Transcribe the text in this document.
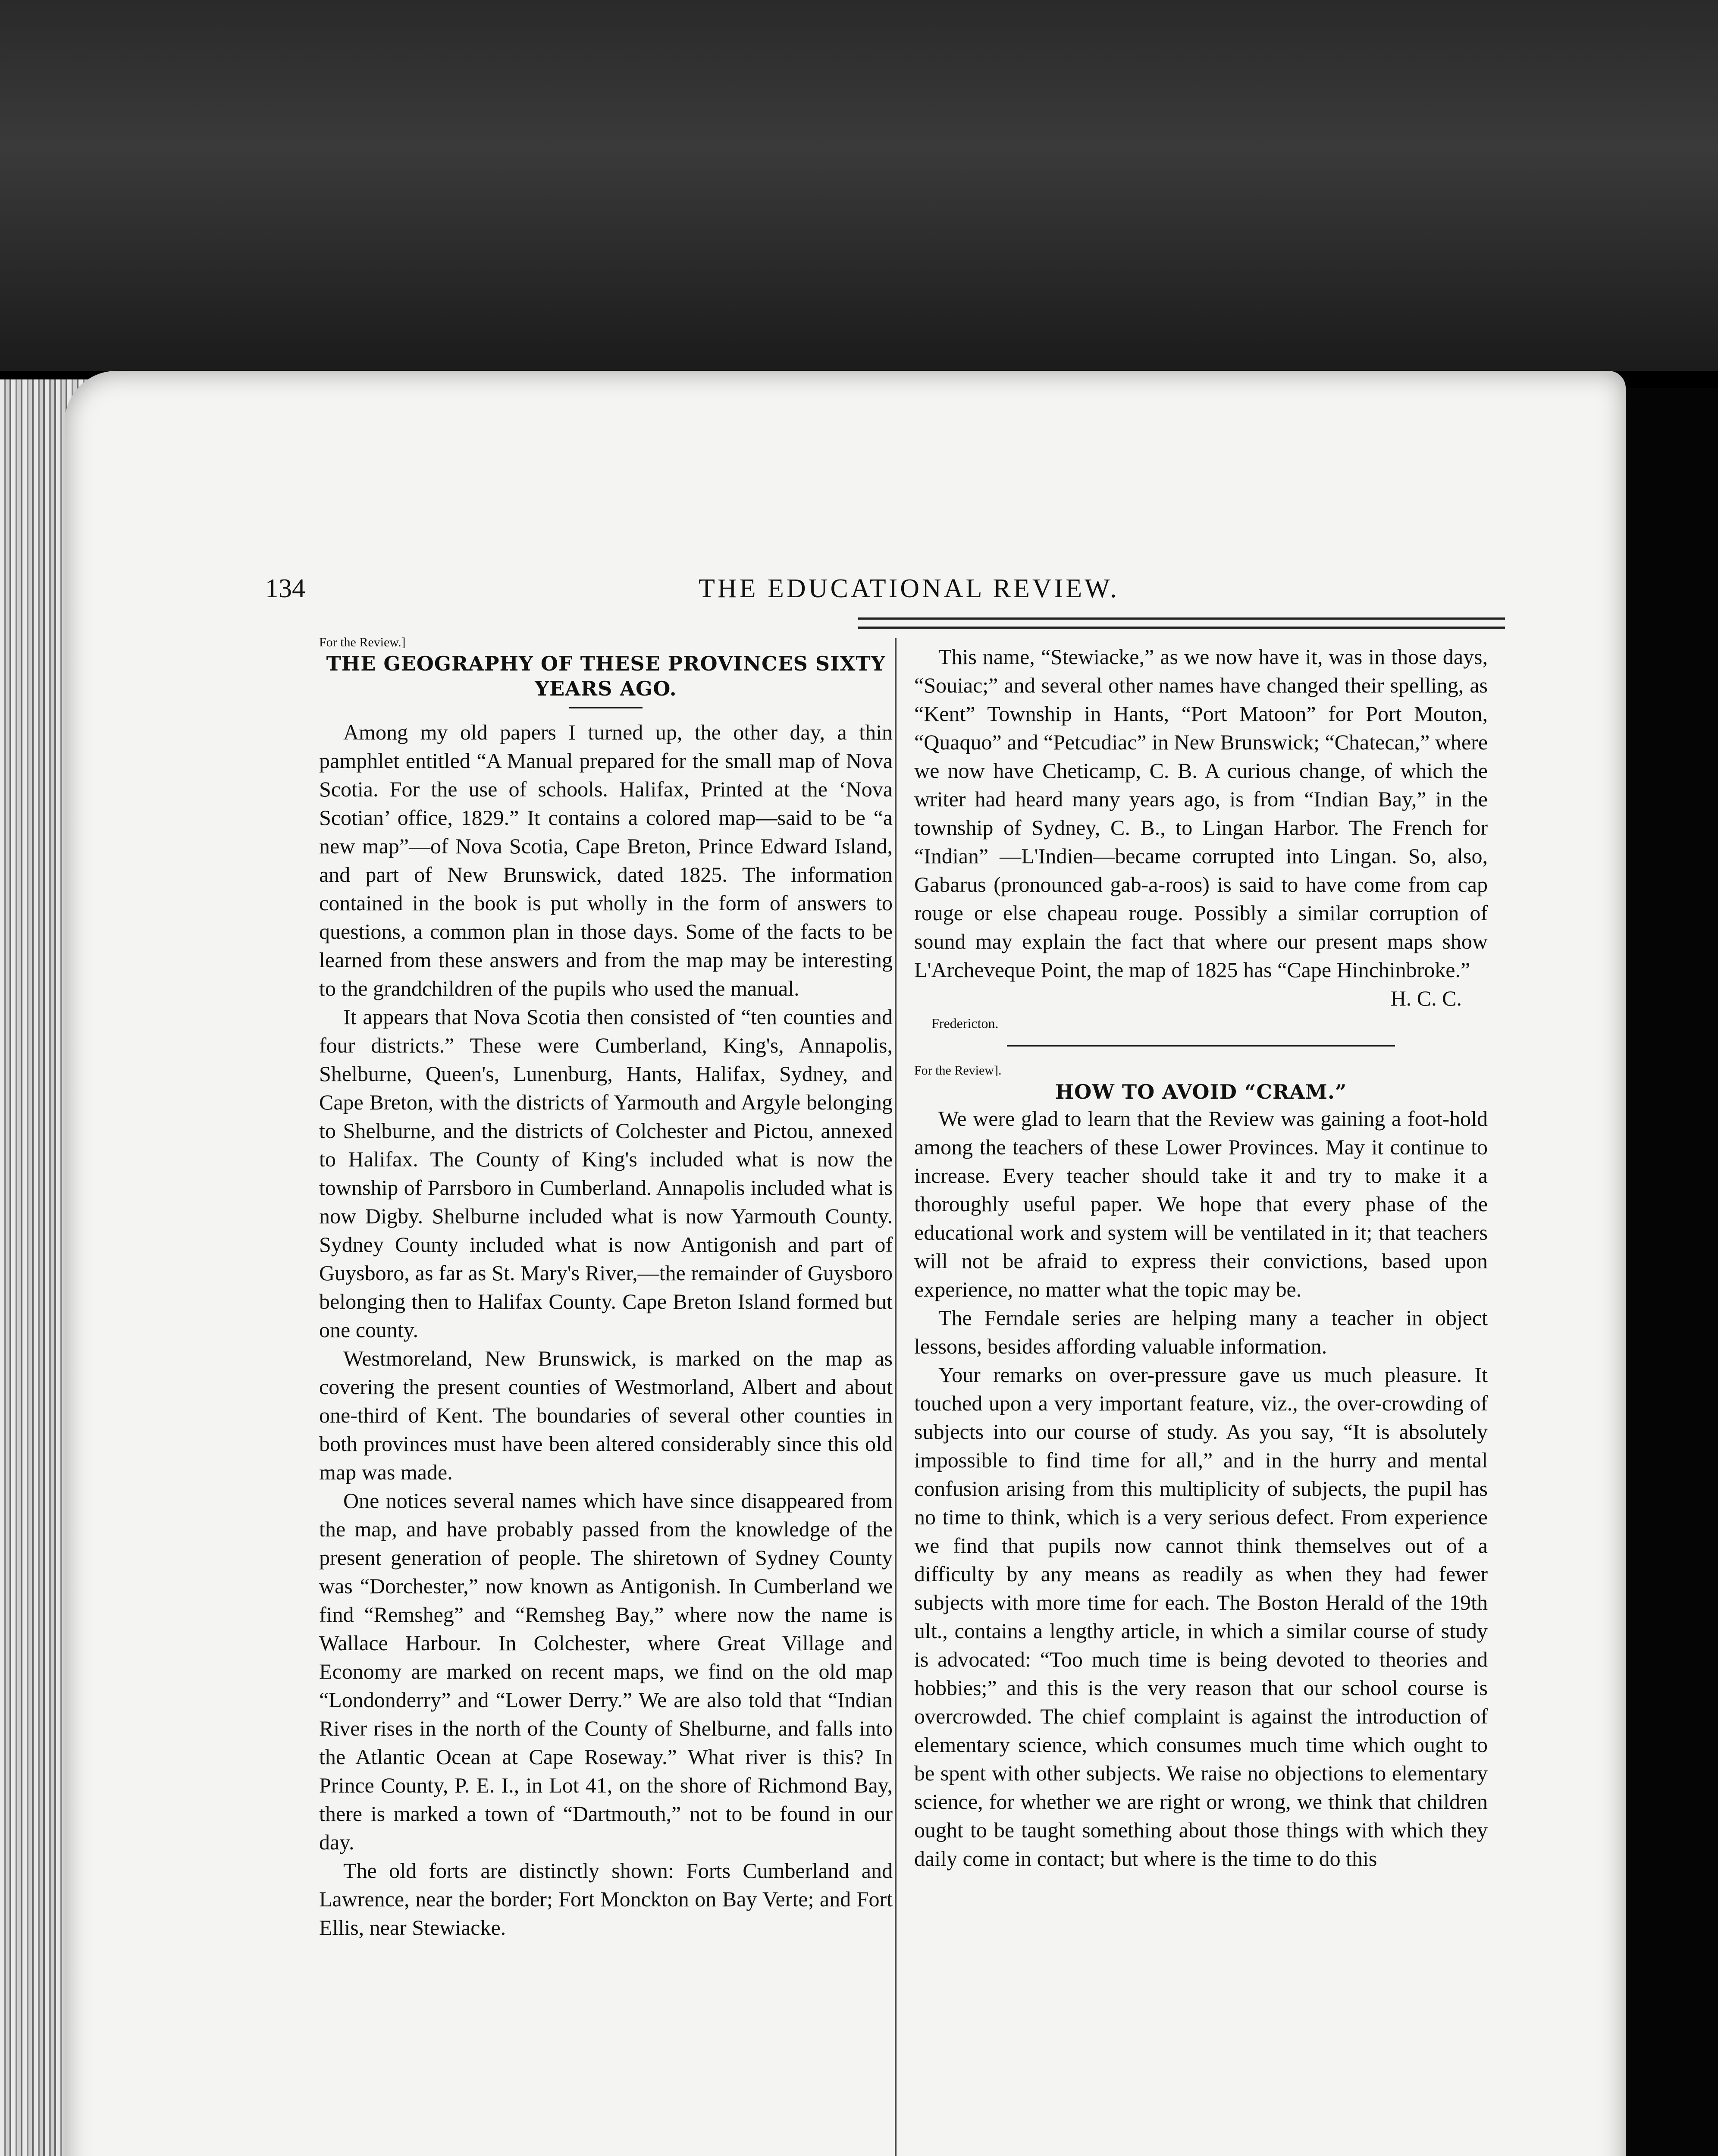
134	THE EDUCATIONAL REVIEW.

For the Review.]

THE GEOGRAPHY OF THESE PROVINCES SIXTY YEARS AGO.

Among my old papers I turned up, the other day, a thin pamphlet entitled “A Manual prepared for the small map of Nova Scotia. For the use of schools. Halifax, Printed at the ‘Nova Scotian’ office, 1829.” It contains a colored map—said to be “a new map”—of Nova Scotia, Cape Breton, Prince Edward Island, and part of New Brunswick, dated 1825. The information contained in the book is put wholly in the form of answers to questions, a common plan in those days. Some of the facts to be learned from these answers and from the map may be interesting to the grandchildren of the pupils who used the manual.

It appears that Nova Scotia then consisted of “ten counties and four districts.” These were Cumberland, King's, Annapolis, Shelburne, Queen's, Lunenburg, Hants, Halifax, Sydney, and Cape Breton, with the districts of Yarmouth and Argyle belonging to Shelburne, and the districts of Colchester and Pictou, annexed to Halifax. The County of King's included what is now the township of Parrsboro in Cumberland. Annapolis included what is now Digby. Shelburne included what is now Yarmouth County. Sydney County included what is now Antigonish and part of Guysboro, as far as St. Mary's River,—the remainder of Guysboro belonging then to Halifax County. Cape Breton Island formed but one county.

Westmoreland, New Brunswick, is marked on the map as covering the present counties of Westmorland, Albert and about one-third of Kent. The boundaries of several other counties in both provinces must have been altered considerably since this old map was made.

One notices several names which have since disappeared from the map, and have probably passed from the knowledge of the present generation of people. The shiretown of Sydney County was “Dorchester,” now known as Antigonish. In Cumberland we find “Remsheg” and “Remsheg Bay,” where now the name is Wallace Harbour. In Colchester, where Great Village and Economy are marked on recent maps, we find on the old map “Londonderry” and “Lower Derry.” We are also told that “Indian River rises in the north of the County of Shelburne, and falls into the Atlantic Ocean at Cape Roseway.” What river is this? In Prince County, P. E. I., in Lot 41, on the shore of Richmond Bay, there is marked a town of “Dartmouth,” not to be found in our day.

The old forts are distinctly shown: Forts Cumberland and Lawrence, near the border; Fort Monckton on Bay Verte; and Fort Ellis, near Stewiacke.

This name, “Stewiacke,” as we now have it, was in those days, “Souiac;” and several other names have changed their spelling, as “Kent” Township in Hants, “Port Matoon” for Port Mouton, “Quaquo” and “Petcudiac” in New Brunswick; “Chatecan,” where we now have Cheticamp, C. B. A curious change, of which the writer had heard many years ago, is from “Indian Bay,” in the township of Sydney, C. B., to Lingan Harbor. The French for “Indian” —L'Indien—became corrupted into Lingan. So, also, Gabarus (pronounced gab-a-roos) is said to have come from cap rouge or else chapeau rouge. Possibly a similar corruption of sound may explain the fact that where our present maps show L'Archeveque Point, the map of 1825 has “Cape Hinchinbroke.”

H. C. C.

Fredericton.

For the Review].

HOW TO AVOID “CRAM.”

We were glad to learn that the Review was gaining a foot-hold among the teachers of these Lower Provinces. May it continue to increase. Every teacher should take it and try to make it a thoroughly useful paper. We hope that every phase of the educational work and system will be ventilated in it; that teachers will not be afraid to express their convictions, based upon experience, no matter what the topic may be.

The Ferndale series are helping many a teacher in object lessons, besides affording valuable information.

Your remarks on over-pressure gave us much pleasure. It touched upon a very important feature, viz., the over-crowding of subjects into our course of study. As you say, “It is absolutely impossible to find time for all,” and in the hurry and mental confusion arising from this multiplicity of subjects, the pupil has no time to think, which is a very serious defect. From experience we find that pupils now cannot think themselves out of a difficulty by any means as readily as when they had fewer subjects with more time for each. The Boston Herald of the 19th ult., contains a lengthy article, in which a similar course of study is advocated: “Too much time is being devoted to theories and hobbies;” and this is the very reason that our school course is overcrowded. The chief complaint is against the introduction of elementary science, which consumes much time which ought to be spent with other subjects. We raise no objections to elementary science, for whether we are right or wrong, we think that children ought to be taught something about those things with which they daily come in contact; but where is the time to do this
